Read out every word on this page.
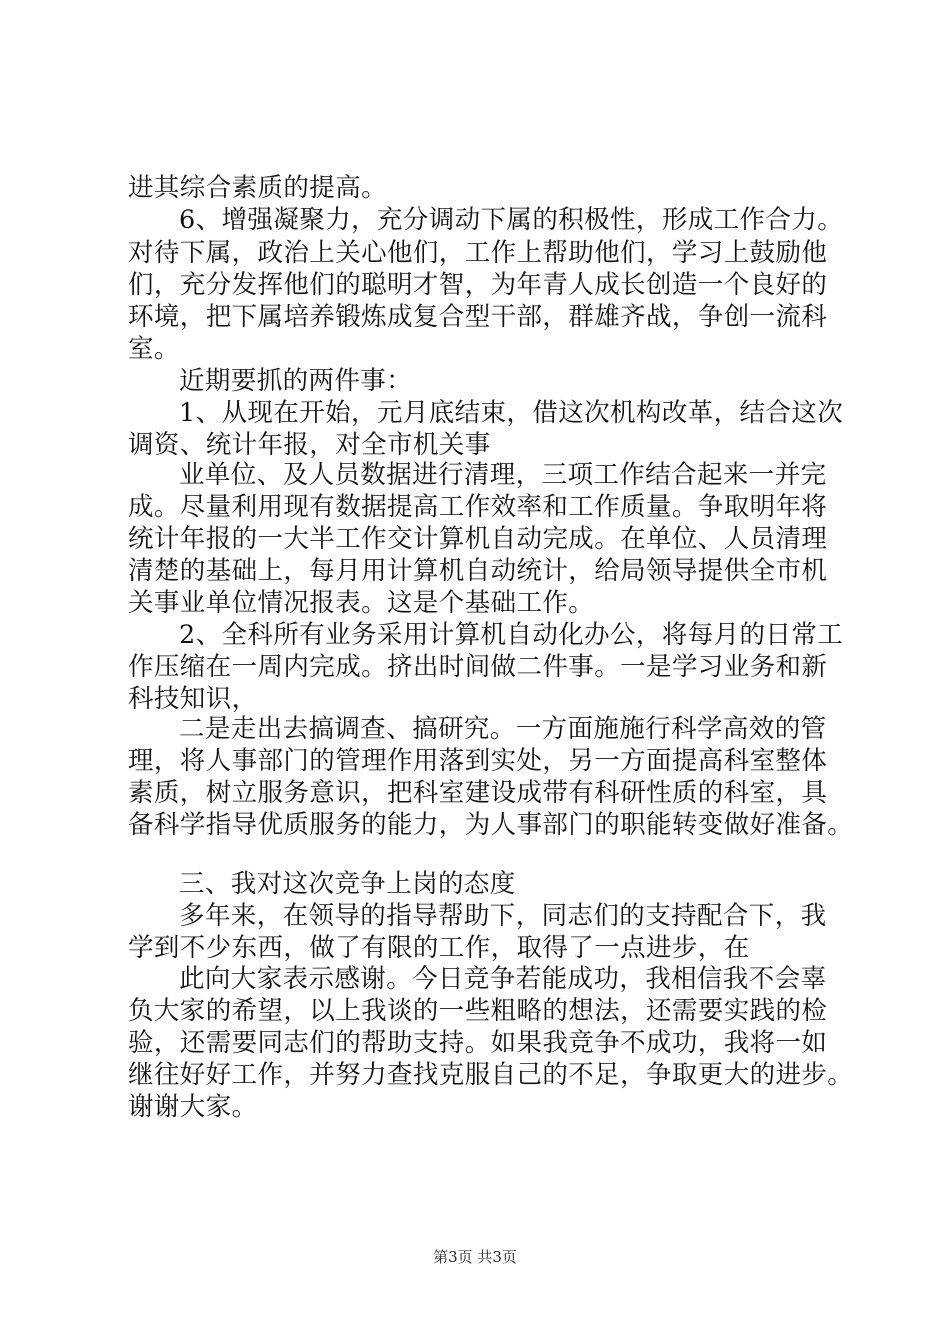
进其综合素质的提高。
6、增强凝聚力，充分调动下属的积极性，形成工作合力。
对待下属，政治上关心他们，工作上帮助他们，学习上鼓励他
们，充分发挥他们的聪明才智，为年青人成长创造一个良好的
环境，把下属培养锻炼成复合型干部，群雄齐战，争创一流科
室。
近期要抓的两件事：
1、从现在开始，元月底结束，借这次机构改革，结合这次
调资、统计年报，对全市机关事
业单位、及人员数据进行清理，三项工作结合起来一并完
成。尽量利用现有数据提高工作效率和工作质量。争取明年将
统计年报的一大半工作交计算机自动完成。在单位、人员清理
清楚的基础上，每月用计算机自动统计，给局领导提供全市机
关事业单位情况报表。这是个基础工作。
2、全科所有业务采用计算机自动化办公，将每月的日常工
作压缩在一周内完成。挤出时间做二件事。一是学习业务和新
科技知识，
二是走出去搞调查、搞研究。一方面施施行科学高效的管
理，将人事部门的管理作用落到实处，另一方面提高科室整体
素质，树立服务意识，把科室建设成带有科研性质的科室，具
备科学指导优质服务的能力，为人事部门的职能转变做好准备。
三、我对这次竞争上岗的态度
多年来，在领导的指导帮助下，同志们的支持配合下，我
学到不少东西，做了有限的工作，取得了一点进步，在
此向大家表示感谢。今日竞争若能成功，我相信我不会辜
负大家的希望，以上我谈的一些粗略的想法，还需要实践的检
验，还需要同志们的帮助支持。如果我竞争不成功，我将一如
继往好好工作，并努力查找克服自己的不足，争取更大的进步。
谢谢大家。
第3页 共3页
